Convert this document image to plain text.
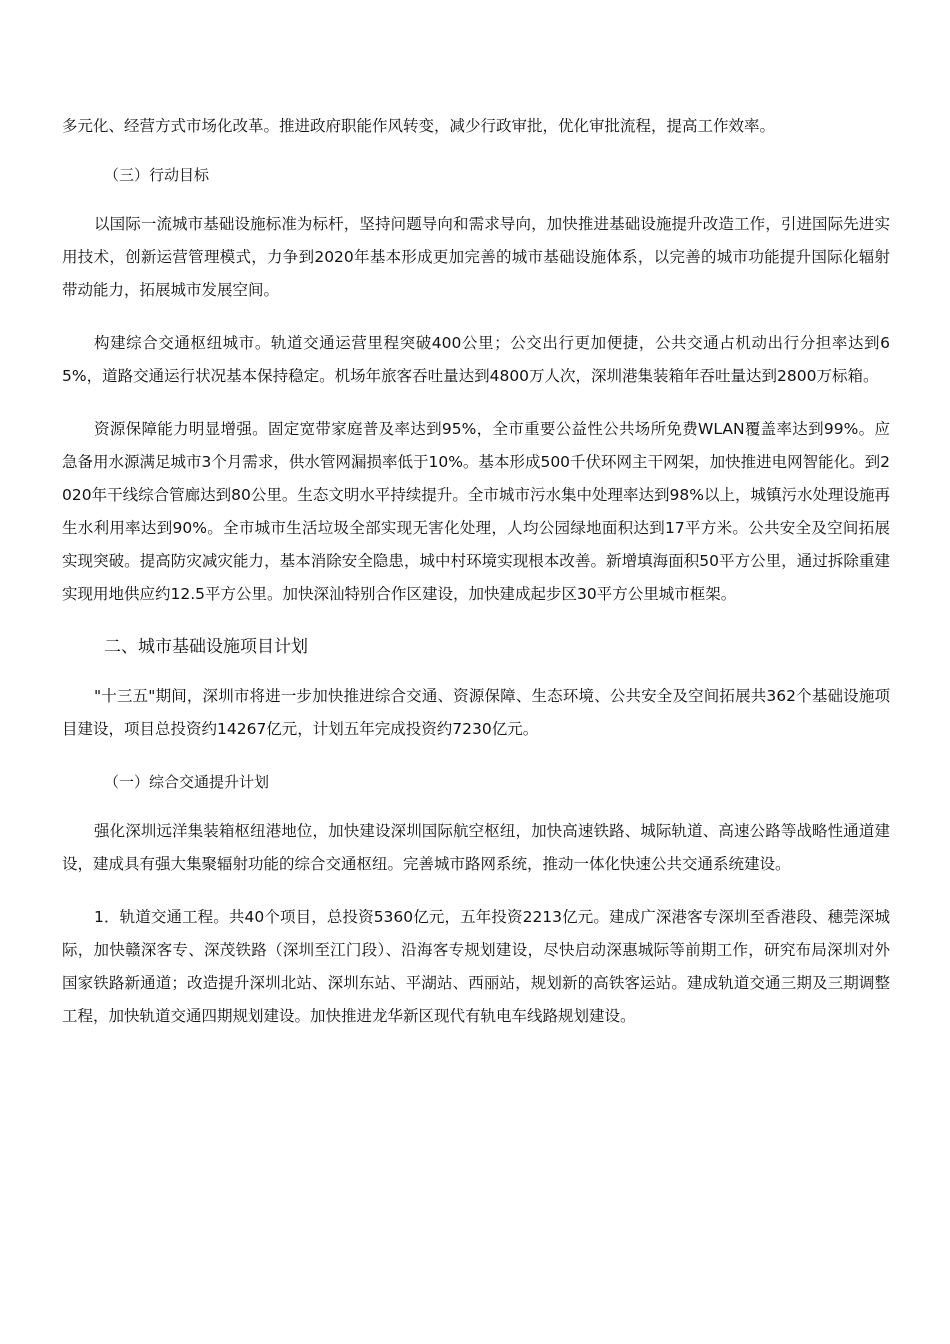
多元化、经营方式市场化改革。推进政府职能作风转变，减少行政审批，优化审批流程，提高工作效率。

（三）行动目标

以国际一流城市基础设施标准为标杆，坚持问题导向和需求导向，加快推进基础设施提升改造工作，引进国际先进实用技术，创新运营管理模式，力争到2020年基本形成更加完善的城市基础设施体系，以完善的城市功能提升国际化辐射带动能力，拓展城市发展空间。

构建综合交通枢纽城市。轨道交通运营里程突破400公里；公交出行更加便捷，公共交通占机动出行分担率达到65%，道路交通运行状况基本保持稳定。机场年旅客吞吐量达到4800万人次，深圳港集装箱年吞吐量达到2800万标箱。

资源保障能力明显增强。固定宽带家庭普及率达到95%，全市重要公益性公共场所免费WLAN覆盖率达到99%。应急备用水源满足城市3个月需求，供水管网漏损率低于10%。基本形成500千伏环网主干网架，加快推进电网智能化。到2020年干线综合管廊达到80公里。生态文明水平持续提升。全市城市污水集中处理率达到98%以上，城镇污水处理设施再生水利用率达到90%。全市城市生活垃圾全部实现无害化处理，人均公园绿地面积达到17平方米。公共安全及空间拓展实现突破。提高防灾减灾能力，基本消除安全隐患，城中村环境实现根本改善。新增填海面积50平方公里，通过拆除重建实现用地供应约12.5平方公里。加快深汕特别合作区建设，加快建成起步区30平方公里城市框架。

二、城市基础设施项目计划

"十三五"期间，深圳市将进一步加快推进综合交通、资源保障、生态环境、公共安全及空间拓展共362个基础设施项目建设，项目总投资约14267亿元，计划五年完成投资约7230亿元。

（一）综合交通提升计划

强化深圳远洋集装箱枢纽港地位，加快建设深圳国际航空枢纽，加快高速铁路、城际轨道、高速公路等战略性通道建设，建成具有强大集聚辐射功能的综合交通枢纽。完善城市路网系统，推动一体化快速公共交通系统建设。

1．轨道交通工程。共40个项目，总投资5360亿元，五年投资2213亿元。建成广深港客专深圳至香港段、穗莞深城际，加快赣深客专、深茂铁路（深圳至江门段）、沿海客专规划建设，尽快启动深惠城际等前期工作，研究布局深圳对外国家铁路新通道；改造提升深圳北站、深圳东站、平湖站、西丽站，规划新的高铁客运站。建成轨道交通三期及三期调整工程，加快轨道交通四期规划建设。加快推进龙华新区现代有轨电车线路规划建设。
